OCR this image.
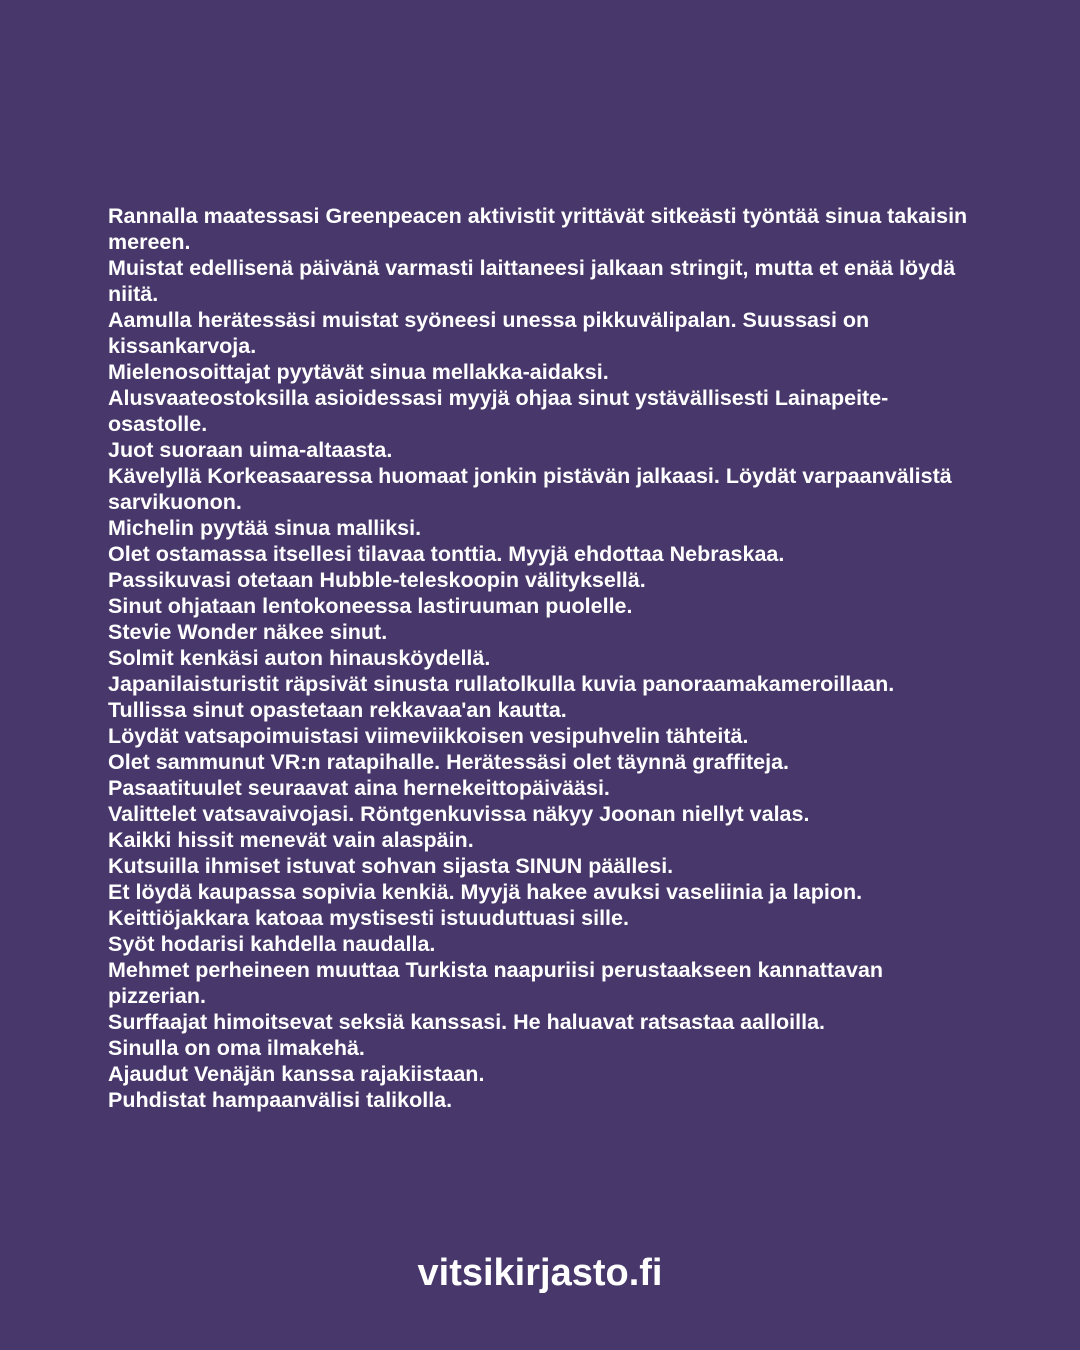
Rannalla maatessasi Greenpeacen aktivistit yrittävät sitkeästi työntää sinua takaisin mereen.
Muistat edellisenä päivänä varmasti laittaneesi jalkaan stringit, mutta et enää löydä niitä.
Aamulla herätessäsi muistat syöneesi unessa pikkuvälipalan. Suussasi on kissankarvoja.
Mielenosoittajat pyytävät sinua mellakka-aidaksi.
Alusvaateostoksilla asioidessasi myyjä ohjaa sinut ystävällisesti Lainapeite-osastolle.
Juot suoraan uima-altaasta.
Kävelyllä Korkeasaaressa huomaat jonkin pistävän jalkaasi. Löydät varpaanvälistä sarvikuonon.
Michelin pyytää sinua malliksi.
Olet ostamassa itsellesi tilavaa tonttia. Myyjä ehdottaa Nebraskaa.
Passikuvasi otetaan Hubble-teleskoopin välityksellä.
Sinut ohjataan lentokoneessa lastiruuman puolelle.
Stevie Wonder näkee sinut.
Solmit kenkäsi auton hinausköydellä.
Japanilaisturistit räpsivät sinusta rullatolkulla kuvia panoraamakameroillaan.
Tullissa sinut opastetaan rekkavaa'an kautta.
Löydät vatsapoimuistasi viimeviikkoisen vesipuhvelin tähteitä.
Olet sammunut VR:n ratapihalle. Herätessäsi olet täynnä graffiteja.
Pasaatituulet seuraavat aina hernekeittopäivääsi.
Valittelet vatsavaivojasi. Röntgenkuvissa näkyy Joonan niellyt valas.
Kaikki hissit menevät vain alaspäin.
Kutsuilla ihmiset istuvat sohvan sijasta SINUN päällesi.
Et löydä kaupassa sopivia kenkiä. Myyjä hakee avuksi vaseliinia ja lapion.
Keittiöjakkara katoaa mystisesti istuuduttuasi sille.
Syöt hodarisi kahdella naudalla.
Mehmet perheineen muuttaa Turkista naapuriisi perustaakseen kannattavan pizzerian.
Surffaajat himoitsevat seksiä kanssasi. He haluavat ratsastaa aalloilla.
Sinulla on oma ilmakehä.
Ajaudut Venäjän kanssa rajakiistaan.
Puhdistat hampaanvälisi talikolla.
vitsikirjasto.fi
